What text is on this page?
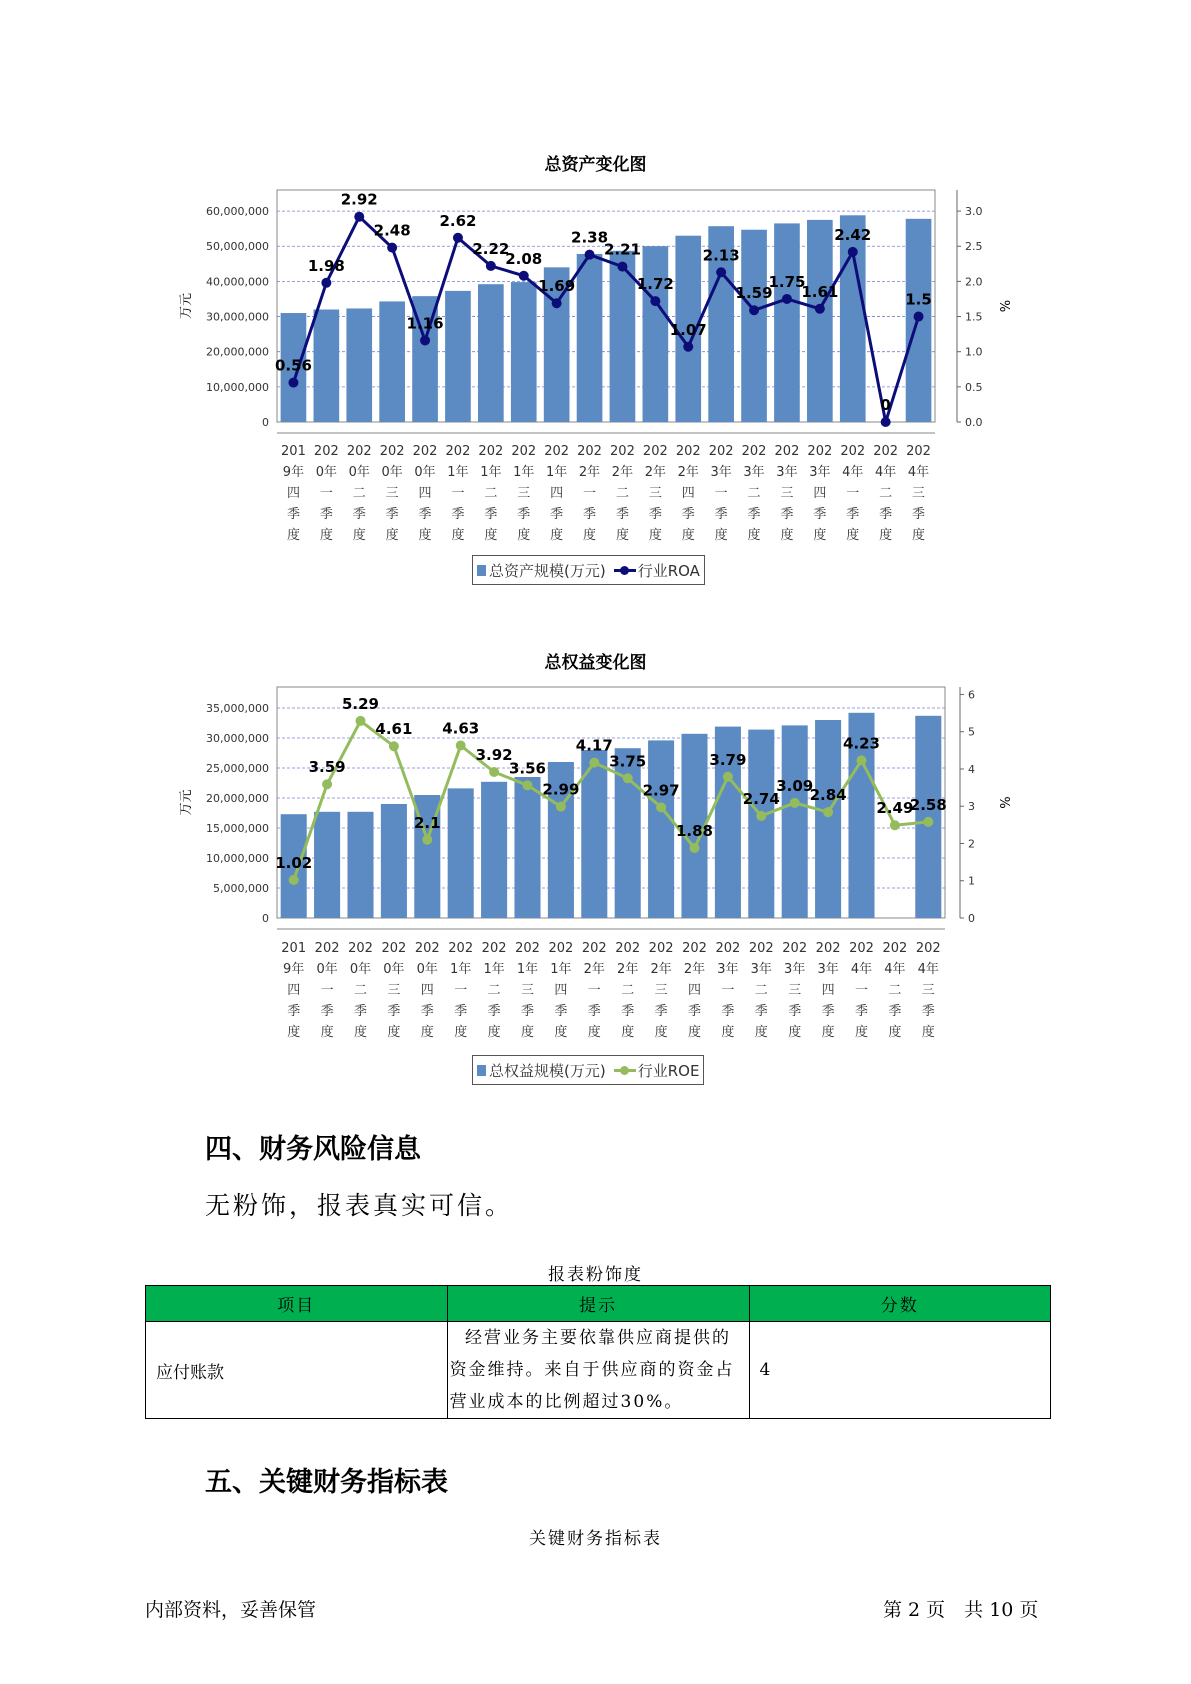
总资产变化图
0
10,000,000
20,000,000
30,000,000
40,000,000
50,000,000
60,000,000
0.0
0.5
1.0
1.5
2.0
2.5
3.0
万元	%
0.56
1.98
2.92
2.48
1.16
2.62
2.22
2.08
1.69
2.38
2.21
1.72
1.07
2.13
1.59
1.75
1.61
2.42
0
1.5
201
9年
四
季
度
202
0年
一
季
度
202
0年
二
季
度
202
0年
三
季
度
202
0年
四
季
度
202
1年
一
季
度
202
1年
二
季
度
202
1年
三
季
度
202
1年
四
季
度
202
2年
一
季
度
202
2年
二
季
度
202
2年
三
季
度
202
2年
四
季
度
202
3年
一
季
度
202
3年
二
季
度
202
3年
三
季
度
202
3年
四
季
度
202
4年
一
季
度
202
4年
二
季
度
202
4年
三
季
度
总资产规模(万元) 行业ROA
总权益变化图
0
5,000,000
10,000,000
15,000,000
20,000,000
25,000,000
30,000,000
35,000,000
0
1
2
3
4
5
6
万元	%
1.02
3.59
5.29
4.61
2.1
4.63
3.92
3.56
2.99
4.17
3.75
2.97
1.88
3.79
2.74
3.09
2.84
4.23
2.49
2.58
201
9年
四
季
度
202
0年
一
季
度
202
0年
二
季
度
202
0年
三
季
度
202
0年
四
季
度
202
1年
一
季
度
202
1年
二
季
度
202
1年
三
季
度
202
1年
四
季
度
202
2年
一
季
度
202
2年
二
季
度
202
2年
三
季
度
202
2年
四
季
度
202
3年
一
季
度
202
3年
二
季
度
202
3年
三
季
度
202
3年
四
季
度
202
4年
一
季
度
202
4年
二
季
度
202
4年
三
季
度
总权益规模(万元) 行业ROE
四、财务风险信息
无粉饰，报表真实可信。
报表粉饰度
项目	提示	分数
应付账款	经营业务主要依靠供应商提供的
资金维持。来自于供应商的资金占
营业成本的比例超过30%。	4
五、关键财务指标表
关键财务指标表
内部资料，妥善保管	第 2 页　共 10 页
